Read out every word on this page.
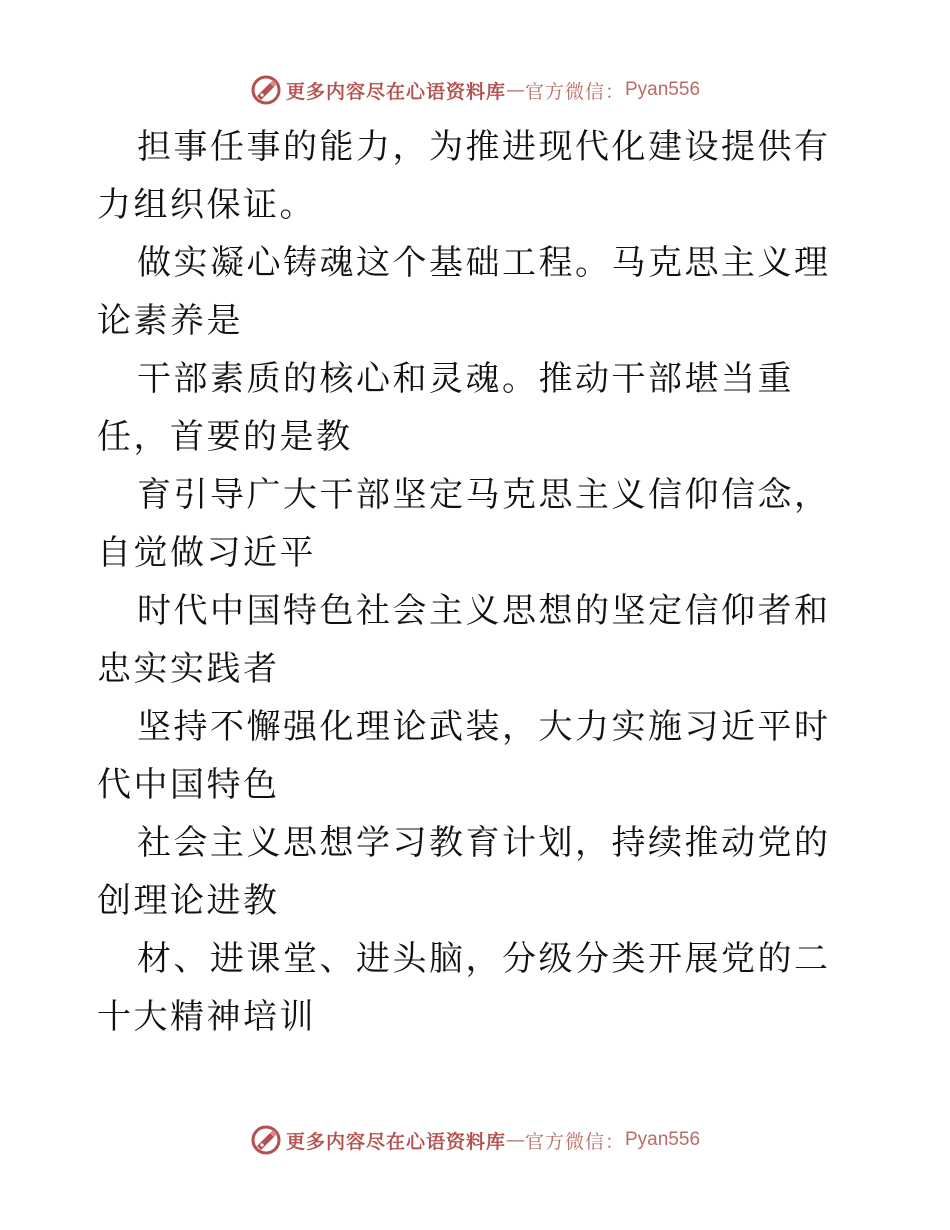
更多内容尽在心语资料库 — 官方微信： Pyan556

担事任事的能力，为推进现代化建设提供有力组织保证。

做实凝心铸魂这个基础工程。马克思主义理论素养是

干部素质的核心和灵魂。推动干部堪当重任，首要的是教

育引导广大干部坚定马克思主义信仰信念，自觉做习近平

时代中国特色社会主义思想的坚定信仰者和忠实实践者

坚持不懈强化理论武装，大力实施习近平时代中国特色

社会主义思想学习教育计划，持续推动党的创理论进教

材、进课堂、进头脑，分级分类开展党的二十大精神培训

更多内容尽在心语资料库 — 官方微信： Pyan556
